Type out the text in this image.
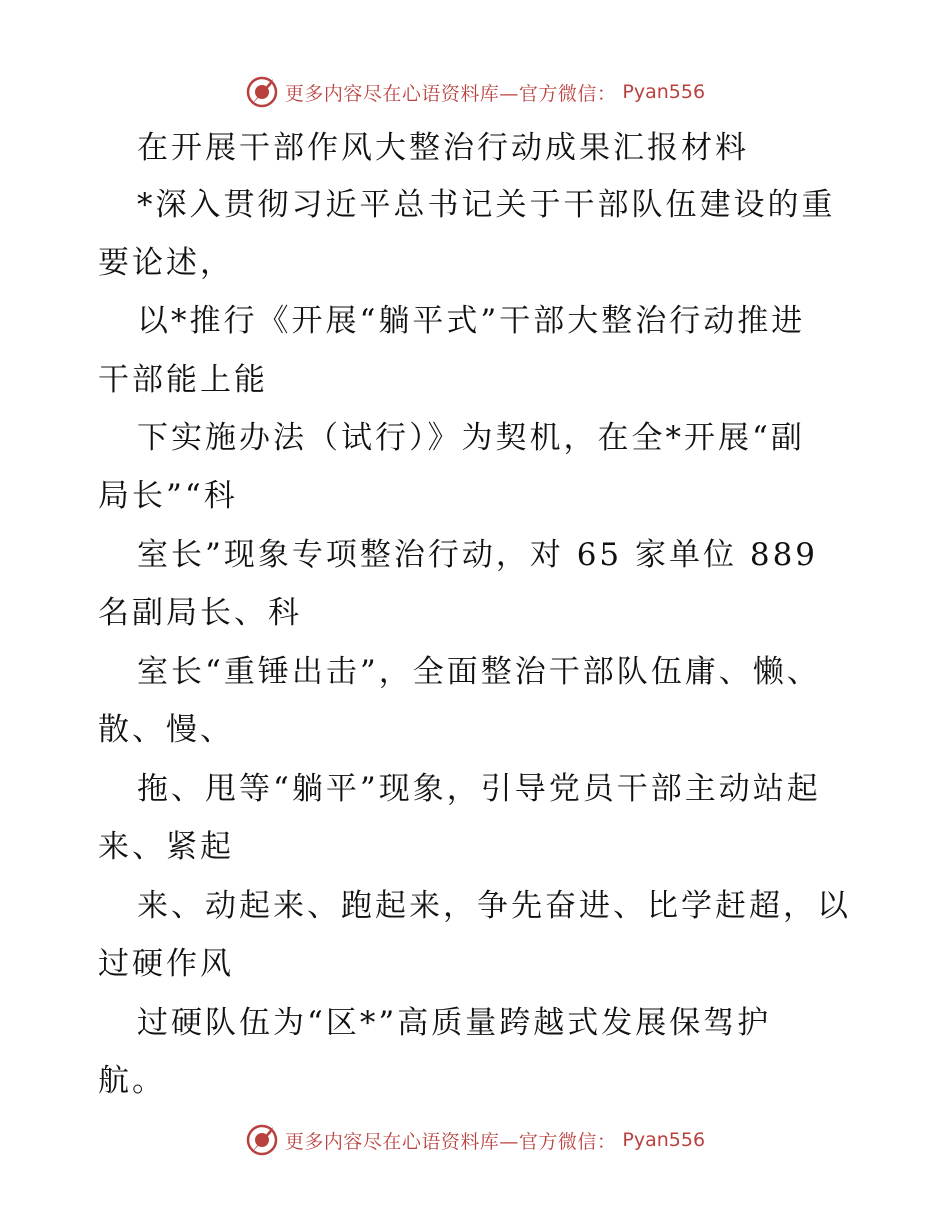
更多内容尽在心语资料库—官方微信： Pyan556
在开展干部作风大整治行动成果汇报材料
*深入贯彻习近平总书记关于干部队伍建设的重
要论述，
以*推行《开展“躺平式”干部大整治行动推进
干部能上能
下实施办法（试行）》为契机，在全*开展“副
局长”“科
室长”现象专项整治行动，对 65 家单位 889
名副局长、科
室长“重锤出击”，全面整治干部队伍庸、懒、
散、慢、
拖、甩等“躺平”现象，引导党员干部主动站起
来、紧起
来、动起来、跑起来，争先奋进、比学赶超，以
过硬作风
过硬队伍为“区*”高质量跨越式发展保驾护
航。
更多内容尽在心语资料库—官方微信： Pyan556
